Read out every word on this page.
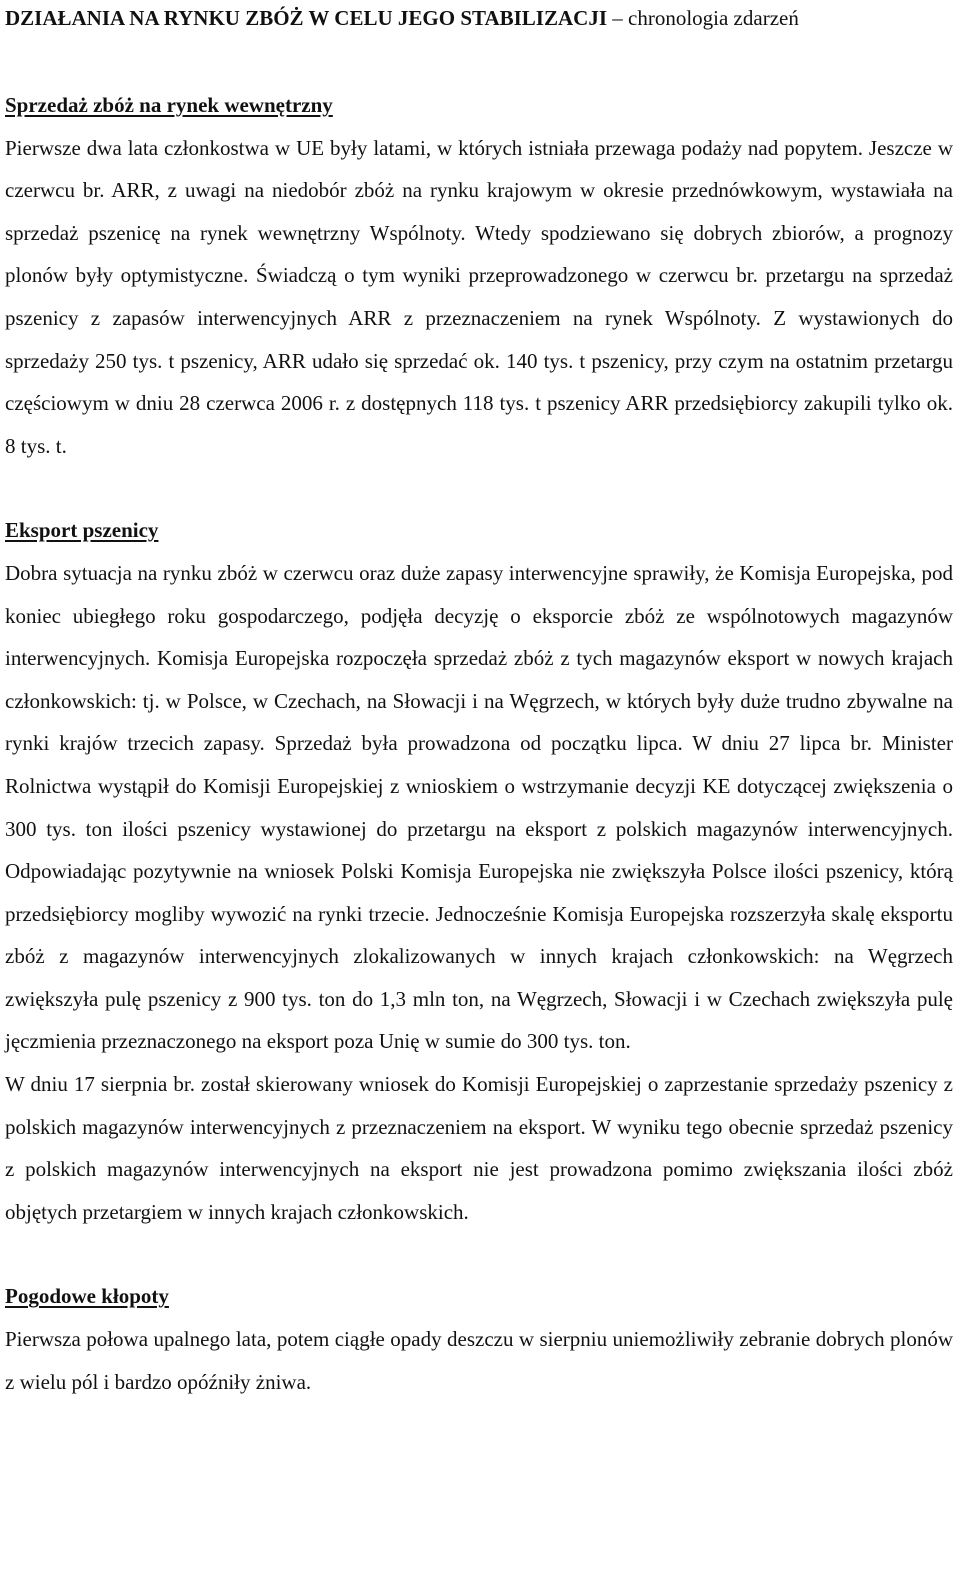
DZIAŁANIA NA RYNKU ZBÓŻ W CELU JEGO STABILIZACJI – chronologia zdarzeń
Sprzedaż zbóż na rynek wewnętrzny

Pierwsze dwa lata członkostwa w UE były latami, w których istniała przewaga podaży nad popytem. Jeszcze w czerwcu br. ARR, z uwagi na niedobór zbóż na rynku krajowym w okresie przednówkowym, wystawiała na sprzedaż pszenicę na rynek wewnętrzny Wspólnoty. Wtedy spodziewano się dobrych zbiorów, a prognozy plonów były optymistyczne. Świadczą o tym wyniki przeprowadzonego w czerwcu br. przetargu na sprzedaż pszenicy z zapasów interwencyjnych ARR z przeznaczeniem na rynek Wspólnoty. Z wystawionych do sprzedaży 250 tys. t pszenicy, ARR udało się sprzedać ok. 140 tys. t pszenicy, przy czym na ostatnim przetargu częściowym w dniu 28 czerwca 2006 r. z dostępnych 118 tys. t pszenicy ARR przedsiębiorcy zakupili tylko ok. 8 tys. t.

Eksport pszenicy

Dobra sytuacja na rynku zbóż w czerwcu oraz duże zapasy interwencyjne sprawiły, że Komisja Europejska, pod koniec ubiegłego roku gospodarczego, podjęła decyzję o eksporcie zbóż ze wspólnotowych magazynów interwencyjnych. Komisja Europejska rozpoczęła sprzedaż zbóż z tych magazynów eksport w nowych krajach członkowskich: tj. w Polsce, w Czechach, na Słowacji i na Węgrzech, w których były duże trudno zbywalne na rynki krajów trzecich zapasy. Sprzedaż była prowadzona od początku lipca. W dniu 27 lipca br. Minister Rolnictwa wystąpił do Komisji Europejskiej z wnioskiem o wstrzymanie decyzji KE dotyczącej zwiększenia o 300 tys. ton ilości pszenicy wystawionej do przetargu na eksport z polskich magazynów interwencyjnych. Odpowiadając pozytywnie na wniosek Polski Komisja Europejska nie zwiększyła Polsce ilości pszenicy, którą przedsiębiorcy mogliby wywozić na rynki trzecie. Jednocześnie Komisja Europejska rozszerzyła skalę eksportu zbóż z magazynów interwencyjnych zlokalizowanych w innych krajach członkowskich: na Węgrzech zwiększyła pulę pszenicy z 900 tys. ton do 1,3 mln ton, na Węgrzech, Słowacji i w Czechach zwiększyła pulę jęczmienia przeznaczonego na eksport poza Unię w sumie do 300 tys. ton.

W dniu 17 sierpnia br. został skierowany wniosek do Komisji Europejskiej o zaprzestanie sprzedaży pszenicy z polskich magazynów interwencyjnych z przeznaczeniem na eksport. W wyniku tego obecnie sprzedaż pszenicy z polskich magazynów interwencyjnych na eksport nie jest prowadzona pomimo zwiększania ilości zbóż objętych przetargiem w innych krajach członkowskich.

Pogodowe kłopoty

Pierwsza połowa upalnego lata, potem ciągłe opady deszczu w sierpniu uniemożliwiły zebranie dobrych plonów z wielu pól i bardzo opóźniły żniwa.
